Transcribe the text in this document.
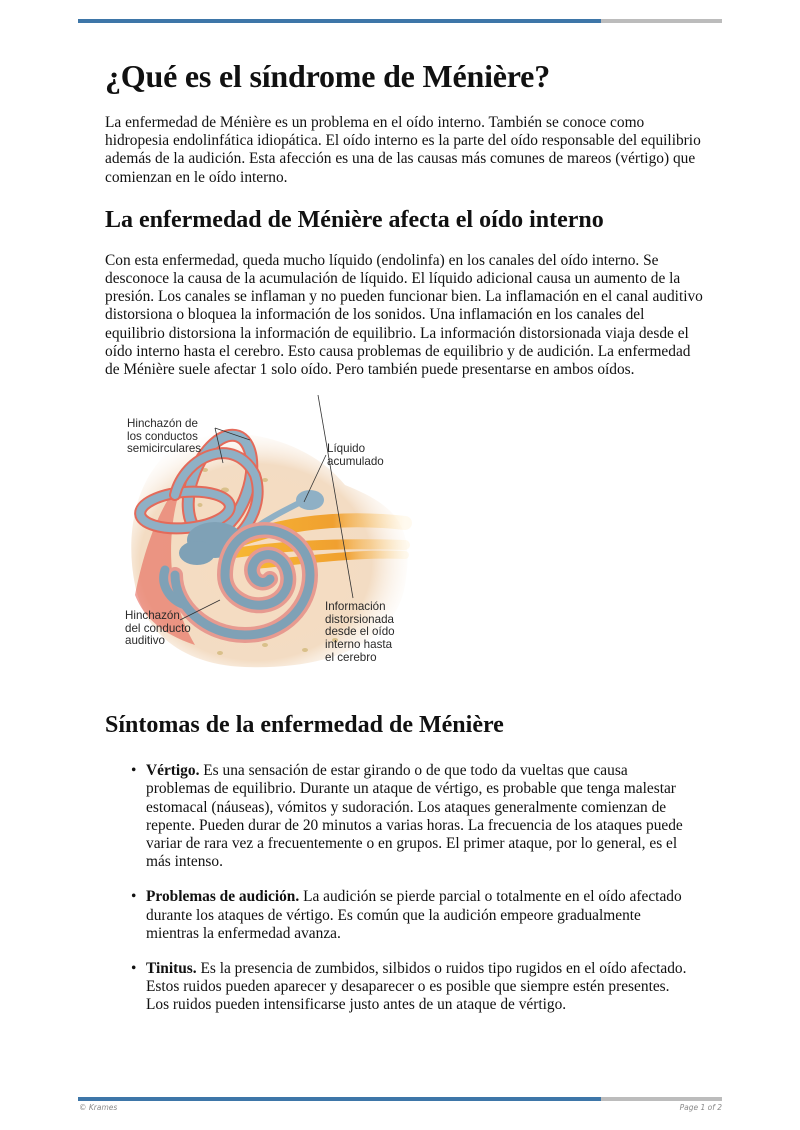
¿Qué es el síndrome de Ménière?

La enfermedad de Ménière es un problema en el oído interno. También se conoce como hidropesia endolinfática idiopática. El oído interno es la parte del oído responsable del equilibrio además de la audición. Esta afección es una de las causas más comunes de mareos (vértigo) que comienzan en le oído interno.

La enfermedad de Ménière afecta el oído interno

Con esta enfermedad, queda mucho líquido (endolinfa) en los canales del oído interno. Se desconoce la causa de la acumulación de líquido. El líquido adicional causa un aumento de la presión. Los canales se inflaman y no pueden funcionar bien. La inflamación en el canal auditivo distorsiona o bloquea la información de los sonidos. Una inflamación en los canales del equilibrio distorsiona la información de equilibrio. La información distorsionada viaja desde el oído interno hasta el cerebro. Esto causa problemas de equilibrio y de audición. La enfermedad de Ménière suele afectar 1 solo oído. Pero también puede presentarse en ambos oídos.

Hinchazón de
los conductos
semicirculares	Líquido
acumulado
Hinchazón
del conducto
auditivo
Información
distorsionada
desde el oído
interno hasta
el cerebro
Síntomas de la enfermedad de Ménière
• Vértigo. Es una sensación de estar girando o de que todo da vueltas que causa problemas de equilibrio. Durante un ataque de vértigo, es probable que tenga malestar estomacal (náuseas), vómitos y sudoración. Los ataques generalmente comienzan de repente. Pueden durar de 20 minutos a varias horas. La frecuencia de los ataques puede variar de rara vez a frecuentemente o en grupos. El primer ataque, por lo general, es el más intenso.
• Problemas de audición. La audición se pierde parcial o totalmente en el oído afectado durante los ataques de vértigo. Es común que la audición empeore gradualmente mientras la enfermedad avanza.
• Tinitus. Es la presencia de zumbidos, silbidos o ruidos tipo rugidos en el oído afectado. Estos ruidos pueden aparecer y desaparecer o es posible que siempre estén presentes. Los ruidos pueden intensificarse justo antes de un ataque de vértigo.
© Krames	Page 1 of 2
